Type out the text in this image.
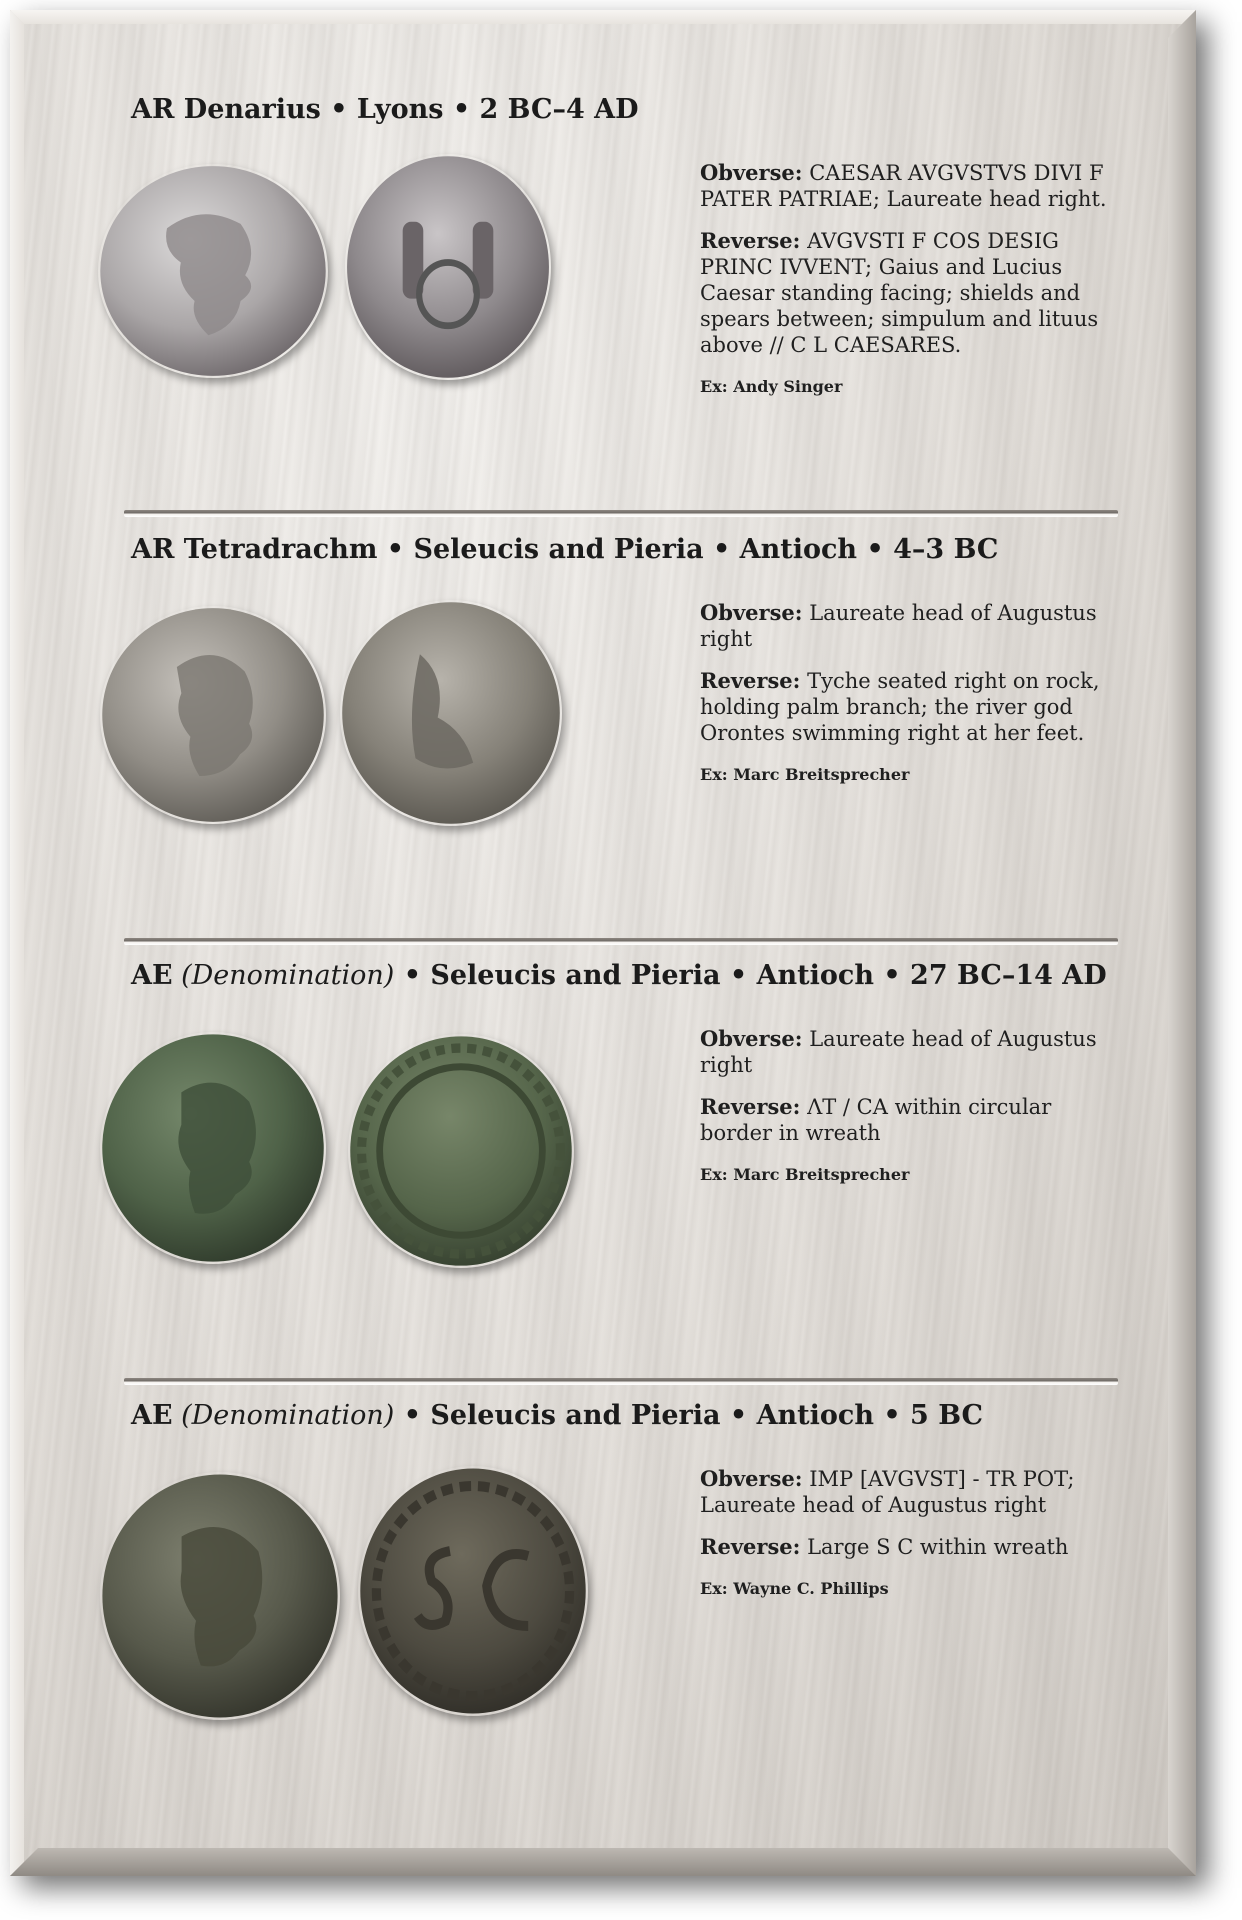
AR Denarius • Lyons • 2 BC–4 AD

Obverse: CAESAR AVGVSTVS DIVI F PATER PATRIAE; Laureate head right.

Reverse: AVGVSTI F COS DESIG PRINC IVVENT; Gaius and Lucius Caesar standing facing; shields and spears between; simpulum and lituus above // C L CAESARES.

Ex: Andy Singer
AR Tetradrachm • Seleucis and Pieria • Antioch • 4–3 BC

Obverse: Laureate head of Augustus right

Reverse: Tyche seated right on rock, holding palm branch; the river god Orontes swimming right at her feet.

Ex: Marc Breitsprecher
AE (Denomination) • Seleucis and Pieria • Antioch • 27 BC–14 AD

Obverse: Laureate head of Augustus right

Reverse: ΛT / CA within circular border in wreath

Ex: Marc Breitsprecher
AE (Denomination) • Seleucis and Pieria • Antioch • 5 BC

Obverse: IMP [AVGVST] - TR POT; Laureate head of Augustus right

Reverse: Large S C within wreath

Ex: Wayne C. Phillips
